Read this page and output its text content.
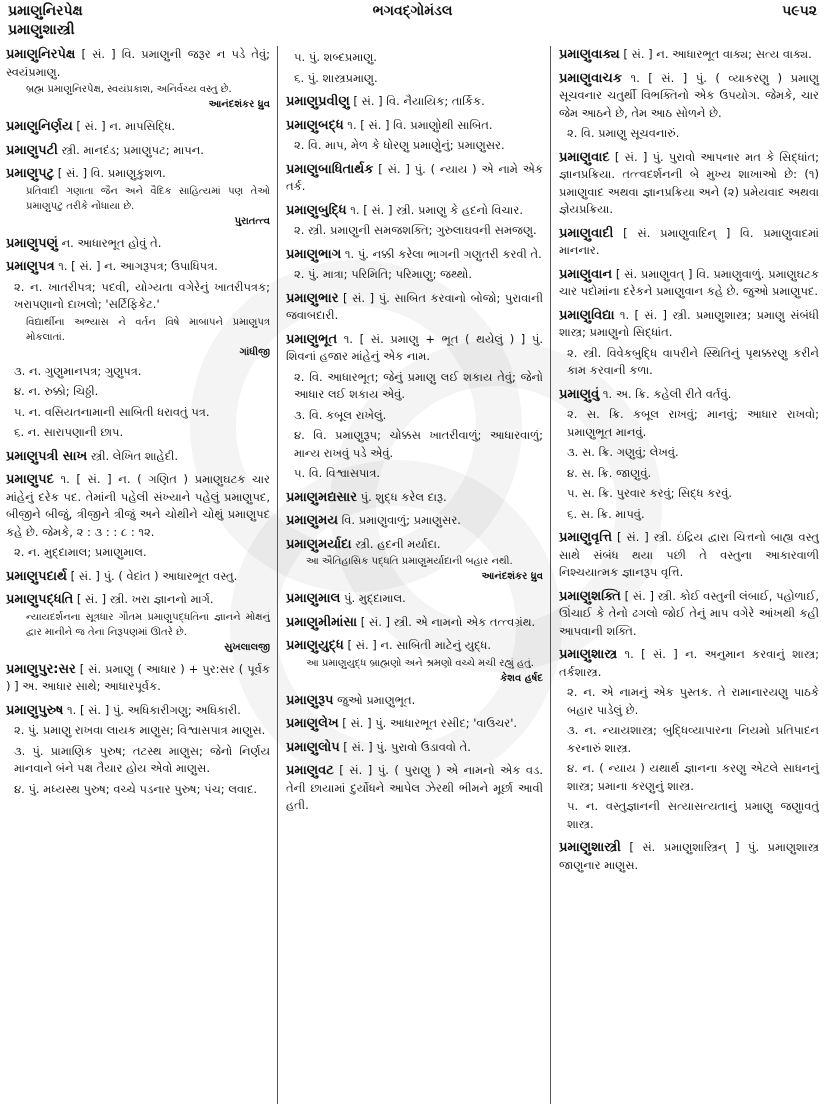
પ્રમાણુનિરપેક્ષ
પ્રમાણુશાસ્ત્રી
ભગવદ્ગોમંડલ	૫૯૫૨
પ્રમાણુનિરપેક્ષ [ સં. ] વિ. પ્રમાણુની જરૂર ન પડે તેવું; સ્વયંપ્રમાણુ.
બ્રહ્મ પ્રમાણુનિરપેક્ષ, સ્વયંપ્રકાશ, અનિર્વચ્ય વસ્તુ છે.
આનંદશંકર ધ્રુવ
પ્રમાણુનિર્ણય [ સં. ] ન. માપસિદ્ધિ.
પ્રમાણુપટી સ્ત્રી. માનદંડ; પ્રમાણુપટ; માપન.
પ્રમાણુપટુ [ સં. ] વિ. પ્રમાણુકુશળ.
પ્રતિવાદી ગણાતા જૈન અને વૈદિક સાહિત્યમાં પણ તેઓ પ્રમાણુપટુ તરીકે નોંધાયા છે.
પુરાતત્ત્વ
પ્રમાણુપણું ન. આધારભૂત હોવું તે.
પ્રમાણુપત્ર ૧. [ સં. ] ન. આગરૂપત્ર; ઉપાધિપત્ર.
૨. ન. ખાતરીપત્ર; પદવી, યોગ્યતા વગેરેનું ખાતરીપત્રક; ખરાપણાનો દાખલો; 'સર્ટિફિકેટ.'
વિદ્યાર્થીના અભ્યાસ ને વર્તન વિષે માબાપને પ્રમાણુપત્ર મોકલાતાં.
ગાંધીજી
૩. ન. ગુણુમાનપત્ર; ગુણુપત્ર.
૪. ન. રુક્કો; ચિઠ્ઠી.
૫. ન. વસિયતનામાની સાબિતી ધરાવતું પત્ર.
૬. ન. સારાપણાની છાપ.
પ્રમાણુપત્રી સાખ સ્ત્રી. લેખિત શાહેદી.
પ્રમાણુપદ ૧. [ સં. ] ન. ( ગણિત ) પ્રમાણુઘટક ચાર માંહેનું દરેક પદ. તેમાંની પહેલી સંખ્યાને પહેલું પ્રમાણુપદ, બીજીને બીજું, ત્રીજીને ત્રીજું અને ચોથીને ચોથું પ્રમાણુપદ કહે છે. જેમકે, ૨ : ૩ : : ૮ : ૧૨.
૨. ન. મુદ્દામાલ; પ્રમાણુમાલ.
પ્રમાણુપદાર્થ [ સં. ] પું. ( વેદાંત ) આધારભૂત વસ્તુ.
પ્રમાણુપદ્ધતિ [ સં. ] સ્ત્રી. ખરા જ્ઞાનનો માર્ગ.
ન્યાયદર્શનના સૂત્રધાર ગૌતમ પ્રમાણુપદ્ધતિના જ્ઞાનને મોક્ષનું દ્વાર માનીને જ તેના નિરૂપણમાં ઊતરે છે.
સુખલાલજી
પ્રમાણુપુર:સર [ સં. પ્રમાણુ ( આધાર ) + પુર:સર ( પૂર્વક ) ] અ. આધાર સાથે; આધારપૂર્વક.
પ્રમાણુપુરુષ ૧. [ સં. ] પું. અધિકારીગણુ; અધિકારી.
૨. પું. પ્રમાણુ રાખવા લાયક માણુસ; વિશ્વાસપાત્ર માણુસ.
૩. પું. પ્રામાણિક પુરુષ; તટસ્થ માણુસ; જેનો નિર્ણય માનવાને બંને પક્ષ તૈયાર હોય એવો માણુસ.
૪. પું. મધ્યસ્થ પુરુષ; વચ્ચે પડનાર પુરુષ; પંચ; લવાદ.
૫. પું. શબ્દપ્રમાણુ.
૬. પું. શાસ્ત્રપ્રમાણુ.
પ્રમાણુપ્રવીણુ [ સં. ] વિ. નૈયાયિક; તાર્કિક.
પ્રમાણુબદ્ધ ૧. [ સં. ] વિ. પ્રમાણુોથી સાબિત.
૨. વિ. માપ, મેળ કે ધોરણુ પ્રમાણુેનું; પ્રમાણુસર.
પ્રમાણુબાધિતાર્થક [ સં. ] પું. ( ન્યાય ) એ નામે એક તર્ક.
પ્રમાણુબુદ્ધિ ૧. [ સં. ] સ્ત્રી. પ્રમાણુ કે હદનો વિચાર.
૨. સ્ત્રી. પ્રમાણુની સમજશક્તિ; ગુરુલાઘવની સમજણુ.
પ્રમાણુભાગ ૧. પું. નક્કી કરેલા ભાગની ગણુતરી કરવી તે.
૨. પું. માત્રા; પરિમિતિ; પરિમાણુ; જથ્થો.
પ્રમાણુભાર [ સં. ] પું. સાબિત કરવાનો બોજો; પુરાવાની જવાબદારી.
પ્રમાણુભૂત ૧. [ સં. પ્રમાણુ + ભૂત ( થયેલું ) ] પું. શિવનાં હજાર માંહેનું એક નામ.
૨. વિ. આધારભૂત; જેનું પ્રમાણુ લઈ શકાય તેવું; જેનો આધાર લઈ શકાય એવું.
૩. વિ. કબૂલ રાખેલું.
૪. વિ. પ્રમાણુરૂપ; ચોક્કસ ખાતરીવાળું; આધારવાળું; માન્ય રાખવું પડે એવું.
૫. વિ. વિશ્વાસપાત્ર.
પ્રમાણુમદ્યસાર પું. શુદ્ધ કરેલ દારૂ.
પ્રમાણુમય વિ. પ્રમાણુવાળું; પ્રમાણુસર.
પ્રમાણુમર્યાદા સ્ત્રી. હદની મર્યાદા.
આ ઐતિહાસિક પદ્ધતિ પ્રમાણુમર્યાદાની બહાર નથી.
આનંદશંકર ધ્રુવ
પ્રમાણુમાલ પું. મુદ્દામાલ.
પ્રમાણુમીમાંસા [ સં. ] સ્ત્રી. એ નામનો એક તત્ત્વગ્રંથ.
પ્રમાણુયુદ્ધ [ સં. ] ન. સાબિતી માટેનું યુદ્ધ.
આ પ્રમાણુયુદ્ધ બ્રાહ્મણો અને શ્રમણો વચ્ચે મચી રહ્યું હતું.
કેશવ હર્ષદ
પ્રમાણુરૂપ જુઓ પ્રમાણુભૂત.
પ્રમાણુલેખ [ સં. ] પું. આધારભૂત રસીદ; 'વાઉચર'.
પ્રમાણુલોપ [ સં. ] પું. પુરાવો ઉડાવવો તે.
પ્રમાણુવટ [ સં. ] પું. ( પુરાણુ ) એ નામનો એક વડ. તેની છાયામાં દુર્યોધને આપેલ ઝેરથી ભીમને મૂર્છા આવી હતી.
પ્રમાણુવાક્ય [ સં. ] ન. આધારભૂત વાક્ય; સત્ય વાક્ય.
પ્રમાણુવાચક ૧. [ સં. ] પું. ( વ્યાકરણુ ) પ્રમાણુ સૂચવનાર ચતુર્થી વિભક્તિનો એક ઉપયોગ. જેમકે, ચાર જેમ આઠને છે, તેમ આઠ સોળને છે.
૨. વિ. પ્રમાણુ સૂચવનારું.
પ્રમાણુવાદ [ સં. ] પું. પુરાવો આપનાર મત કે સિદ્ધાંત; જ્ઞાનપ્રક્રિયા. તત્ત્વદર્શનની બે મુખ્ય શાખાઓ છે: (૧) પ્રમાણુવાદ અથવા જ્ઞાનપ્રક્રિયા અને (૨) પ્રમેયવાદ અથવા જ્ઞેયપ્રક્રિયા.
પ્રમાણુવાદી [ સં. પ્રમાણુવાદિન્ ] વિ. પ્રમાણુવાદમાં માનનાર.
પ્રમાણુવાન [ સં. પ્રમાણુવત્ ] વિ. પ્રમાણુવાળું. પ્રમાણુઘટક ચાર પદોમાંના દરેકને પ્રમાણુવાન કહે છે. જુઓ પ્રમાણુપદ.
પ્રમાણુવિદ્યા ૧. [ સં. ] સ્ત્રી. પ્રમાણુશાસ્ત્ર; પ્રમાણુ સંબંધી શાસ્ત્ર; પ્રમાણુનો સિદ્ધાંત.
૨. સ્ત્રી. વિવેકબુદ્ધિ વાપરીને સ્થિતિનું પૃથક્કરણુ કરીને કામ કરવાની કળા.
પ્રમાણુવું ૧. અ. ક્રિ. કહેલી રીતે વર્તવું.
૨. સ. ક્રિ. કબૂલ રાખવું; માનવું; આધાર રાખવો; પ્રમાણુભૂત માનવું.
૩. સ. ક્રિ. ગણુવું; લેખવું.
૪. સ. ક્રિ. જાણુવું.
૫. સ. ક્રિ. પુરવાર કરવું; સિદ્ધ કરવું.
૬. સ. ક્રિ. માપવું.
પ્રમાણુવૃત્તિ [ સં. ] સ્ત્રી. ઇંદ્રિય દ્વારા ચિત્તનો બાહ્ય વસ્તુ સાથે સંબંધ થયા પછી તે વસ્તુના આકારવાળી નિશ્ચયાત્મક જ્ઞાનરૂપ વૃત્તિ.
પ્રમાણુશક્તિ [ સં. ] સ્ત્રી. કોઈ વસ્તુની લંબાઈ, પહોળાઈ, ઊંચાઈ કે તેનો ઢગલો જોઈ તેનું માપ વગેરે આંખથી કહી આપવાની શક્તિ.
પ્રમાણુશાસ્ત્ર ૧. [ સં. ] ન. અનુમાન કરવાનું શાસ્ત્ર; તર્કશાસ્ત્ર.
૨. ન. એ નામનું એક પુસ્તક. તે રામાનારયણુ પાઠકે બહાર પાડેલું છે.
૩. ન. ન્યાયશાસ્ત્ર; બુદ્ધિવ્યાપારના નિયમો પ્રતિપાદન કરનારું શાસ્ત્ર.
૪. ન. ( ન્યાય ) યથાર્થ જ્ઞાનના કરણુ એટલે સાધનનું શાસ્ત્ર; પ્રમાના કરણુનું શાસ્ત્ર.
૫. ન. વસ્તુજ્ઞાનની સત્યાસત્યતાનું પ્રમાણુ જણુાવતું શાસ્ત્ર.
પ્રમાણુશાસ્ત્રી [ સં. પ્રમાણુશાસ્ત્રિન્ ] પું. પ્રમાણુશાસ્ત્ર જાણુનાર માણુસ.
